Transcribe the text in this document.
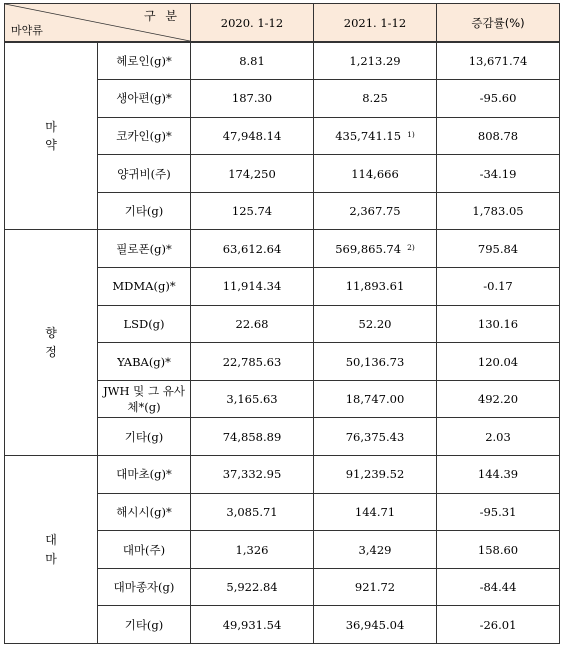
구 분
마약류		2020. 1-12	2021. 1-12	증감률(%)

마
약	헤로인(g)*	8.81	1,213.29	13,671.74
	생아편(g)*	187.30	8.25	-95.60
	코카인(g)*	47,948.14	435,741.15 $^{1)}$	808.78
	양귀비(주)	174,250	114,666	-34.19
	기타(g)	125.74	2,367.75	1,783.05

향
정	필로폰(g)*	63,612.64	569,865.74 $^{2)}$	795.84
	MDMA(g)*	11,914.34	11,893.61	-0.17
	LSD(g)	22.68	52.20	130.16
	YABA(g)*	22,785.63	50,136.73	120.04
	JWH 및 그 유사체*(g)	3,165.63	18,747.00	492.20
	기타(g)	74,858.89	76,375.43	2.03

대
마	대마초(g)*	37,332.95	91,239.52	144.39
	해시시(g)*	3,085.71	144.71	-95.31
	대마(주)	1,326	3,429	158.60
	대마종자(g)	5,922.84	921.72	-84.44
	기타(g)	49,931.54	36,945.04	-26.01
